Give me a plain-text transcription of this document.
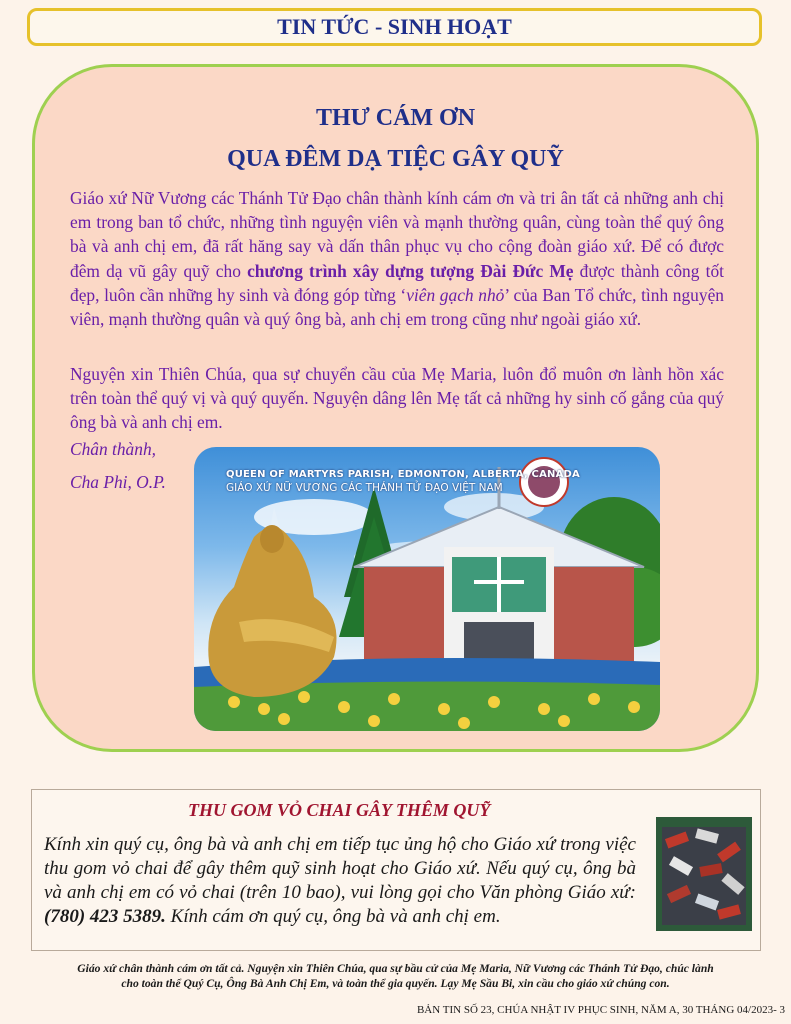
TIN TỨC - SINH HOẠT
THƯ CÁM ƠN
QUA ĐÊM DẠ TIỆC GÂY QUỸ
Giáo xứ Nữ Vương các Thánh Tử Đạo chân thành kính cám ơn và tri ân tất cả những anh chị em trong ban tổ chức, những tình nguyện viên và mạnh thường quân, cùng toàn thể quý ông bà và anh chị em, đã rất hăng say và dấn thân phục vụ cho cộng đoàn giáo xứ. Để có được đêm dạ vũ gây quỹ cho chương trình xây dựng tượng Đài Đức Mẹ được thành công tốt đẹp, luôn cần những hy sinh và đóng góp từng ‘viên gạch nhỏ’ của Ban Tổ chức, tình nguyện viên, mạnh thường quân và quý ông bà, anh chị em trong cũng như ngoài giáo xứ.
Nguyện xin Thiên Chúa, qua sự chuyển cầu của Mẹ Maria, luôn đổ muôn ơn lành hồn xác trên toàn thể quý vị và quý quyến. Nguyện dâng lên Mẹ tất cả những hy sinh cố gắng của quý ông bà và anh chị em.
Chân thành,
Cha Phi, O.P.	QUEEN OF MARTYRS PARISH, EDMONTON, ALBERTA, CANADA
GIÁO XỨ NỮ VƯƠNG CÁC THÁNH TỬ ĐẠO VIỆT NAM
THU GOM VỎ CHAI GÂY THÊM QUỸ
Kính xin quý cụ, ông bà và anh chị em tiếp tục ủng hộ cho Giáo xứ trong việc thu gom vỏ chai để gây thêm quỹ sinh hoạt cho Giáo xứ. Nếu quý cụ, ông bà và anh chị em có vỏ chai (trên 10 bao), vui lòng gọi cho Văn phòng Giáo xứ: (780) 423 5389. Kính cám ơn quý cụ, ông bà và anh chị em.
Giáo xứ chân thành cám ơn tất cả. Nguyện xin Thiên Chúa, qua sự bầu cử của Mẹ Maria, Nữ Vương các Thánh Tử Đạo, chúc lành
cho toàn thể Quý Cụ, Ông Bà Anh Chị Em, và toàn thể gia quyến. Lạy Mẹ Sầu Bi, xin cầu cho giáo xứ chúng con.
BẢN TIN SỐ 23, CHÚA NHẬT IV PHỤC SINH, NĂM A, 30 THÁNG 04/2023- 3
